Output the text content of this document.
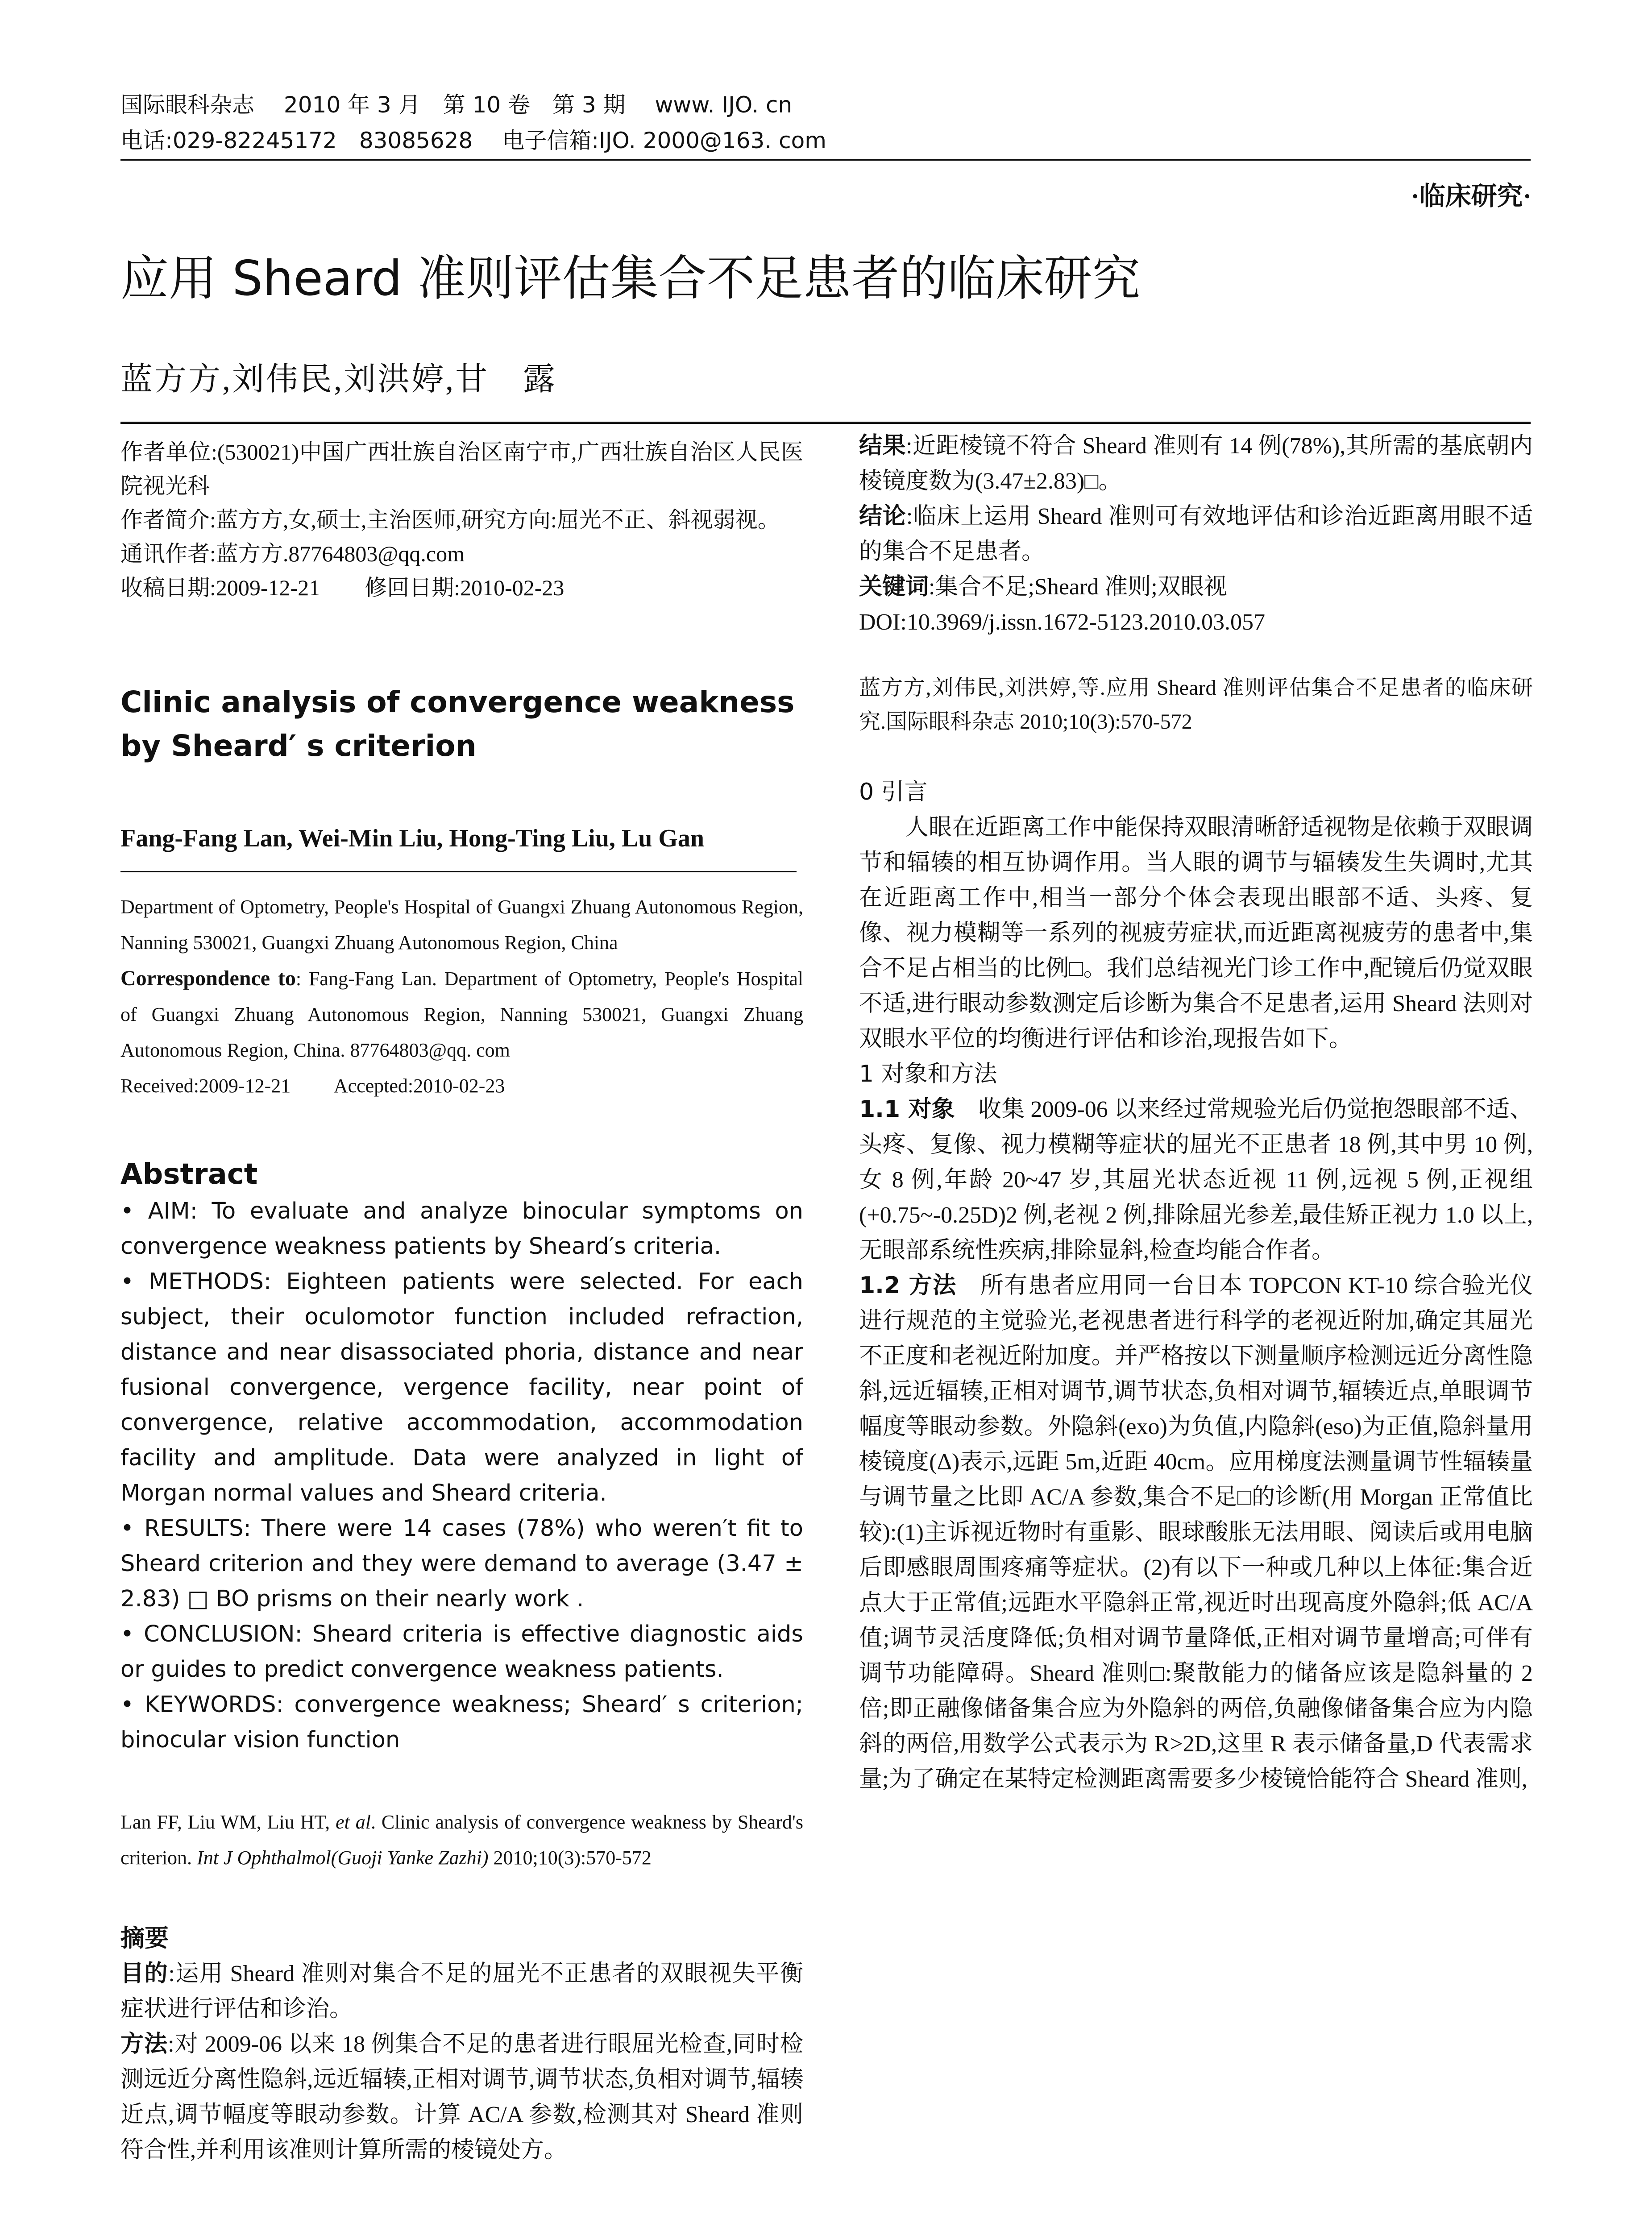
国际眼科杂志　 2010 年 3 月　第 10 卷　第 3 期　 www. IJO. cn
电话:029-82245172　83085628　 电子信箱:IJO. 2000@163. com
·临床研究·
应用 Sheard 准则评估集合不足患者的临床研究
蓝方方,刘伟民,刘洪婷,甘　露

作者单位:(530021)中国广西壮族自治区南宁市,广西壮族自治区人民医院视光科

作者简介:蓝方方,女,硕士,主治医师,研究方向:屈光不正、斜视弱视。

通讯作者:蓝方方.87764803@qq.com

收稿日期:2009-12-21　　修回日期:2010-02-23

Clinic analysis of convergence weakness by Sheard′ s criterion

Fang-Fang Lan, Wei-Min Liu, Hong-Ting Liu, Lu Gan

Department of Optometry, People's Hospital of Guangxi Zhuang Autonomous Region, Nanning 530021, Guangxi Zhuang Autonomous Region, China

Correspondence to: Fang-Fang Lan. Department of Optometry, People's Hospital of Guangxi Zhuang Autonomous Region, Nanning 530021, Guangxi Zhuang Autonomous Region, China. 87764803@qq. com

Received:2009-12-21　　 Accepted:2010-02-23

Abstract

• AIM: To evaluate and analyze binocular symptoms on convergence weakness patients by Sheard′s criteria.

• METHODS: Eighteen patients were selected. For each subject, their oculomotor function included refraction, distance and near disassociated phoria, distance and near fusional convergence, vergence facility, near point of convergence, relative accommodation, accommodation facility and amplitude. Data were analyzed in light of Morgan normal values and Sheard criteria.

• RESULTS: There were 14 cases (78%) who weren′t fit to Sheard criterion and they were demand to average (3.47 ± 2.83) □ BO prisms on their nearly work .

• CONCLUSION: Sheard criteria is effective diagnostic aids or guides to predict convergence weakness patients.

• KEYWORDS: convergence weakness; Sheard′ s criterion; binocular vision function

Lan FF, Liu WM, Liu HT, et al. Clinic analysis of convergence weakness by Sheard's criterion. Int J Ophthalmol(Guoji Yanke Zazhi) 2010;10(3):570-572

摘要

目的:运用 Sheard 准则对集合不足的屈光不正患者的双眼视失平衡症状进行评估和诊治。

方法:对 2009-06 以来 18 例集合不足的患者进行眼屈光检查,同时检测远近分离性隐斜,远近辐辏,正相对调节,调节状态,负相对调节,辐辏近点,调节幅度等眼动参数。计算 AC/A 参数,检测其对 Sheard 准则符合性,并利用该准则计算所需的棱镜处方。

结果:近距棱镜不符合 Sheard 准则有 14 例(78%),其所需的基底朝内棱镜度数为(3.47±2.83)□。

结论:临床上运用 Sheard 准则可有效地评估和诊治近距离用眼不适的集合不足患者。

关键词:集合不足;Sheard 准则;双眼视

DOI:10.3969/j.issn.1672-5123.2010.03.057

蓝方方,刘伟民,刘洪婷,等.应用 Sheard 准则评估集合不足患者的临床研究.国际眼科杂志 2010;10(3):570-572

0 引言

人眼在近距离工作中能保持双眼清晰舒适视物是依赖于双眼调节和辐辏的相互协调作用。当人眼的调节与辐辏发生失调时,尤其在近距离工作中,相当一部分个体会表现出眼部不适、头疼、复像、视力模糊等一系列的视疲劳症状,而近距离视疲劳的患者中,集合不足占相当的比例□。我们总结视光门诊工作中,配镜后仍觉双眼不适,进行眼动参数测定后诊断为集合不足患者,运用 Sheard 法则对双眼水平位的均衡进行评估和诊治,现报告如下。

1 对象和方法

1.1 对象　收集 2009-06 以来经过常规验光后仍觉抱怨眼部不适、头疼、复像、视力模糊等症状的屈光不正患者 18 例,其中男 10 例,女 8 例,年龄 20~47 岁,其屈光状态近视 11 例,远视 5 例,正视组(+0.75~-0.25D)2 例,老视 2 例,排除屈光参差,最佳矫正视力 1.0 以上,无眼部系统性疾病,排除显斜,检查均能合作者。

1.2 方法　所有患者应用同一台日本 TOPCON KT-10 综合验光仪进行规范的主觉验光,老视患者进行科学的老视近附加,确定其屈光不正度和老视近附加度。并严格按以下测量顺序检测远近分离性隐斜,远近辐辏,正相对调节,调节状态,负相对调节,辐辏近点,单眼调节幅度等眼动参数。外隐斜(exo)为负值,内隐斜(eso)为正值,隐斜量用棱镜度(Δ)表示,远距 5m,近距 40cm。应用梯度法测量调节性辐辏量与调节量之比即 AC/A 参数,集合不足□的诊断(用 Morgan 正常值比较):(1)主诉视近物时有重影、眼球酸胀无法用眼、阅读后或用电脑后即感眼周围疼痛等症状。(2)有以下一种或几种以上体征:集合近点大于正常值;远距水平隐斜正常,视近时出现高度外隐斜;低 AC/A 值;调节灵活度降低;负相对调节量降低,正相对调节量增高;可伴有调节功能障碍。Sheard 准则□:聚散能力的储备应该是隐斜量的 2 倍;即正融像储备集合应为外隐斜的两倍,负融像储备集合应为内隐斜的两倍,用数学公式表示为 R>2D,这里 R 表示储备量,D 代表需求量;为了确定在某特定检测距离需要多少棱镜恰能符合 Sheard 准则,
